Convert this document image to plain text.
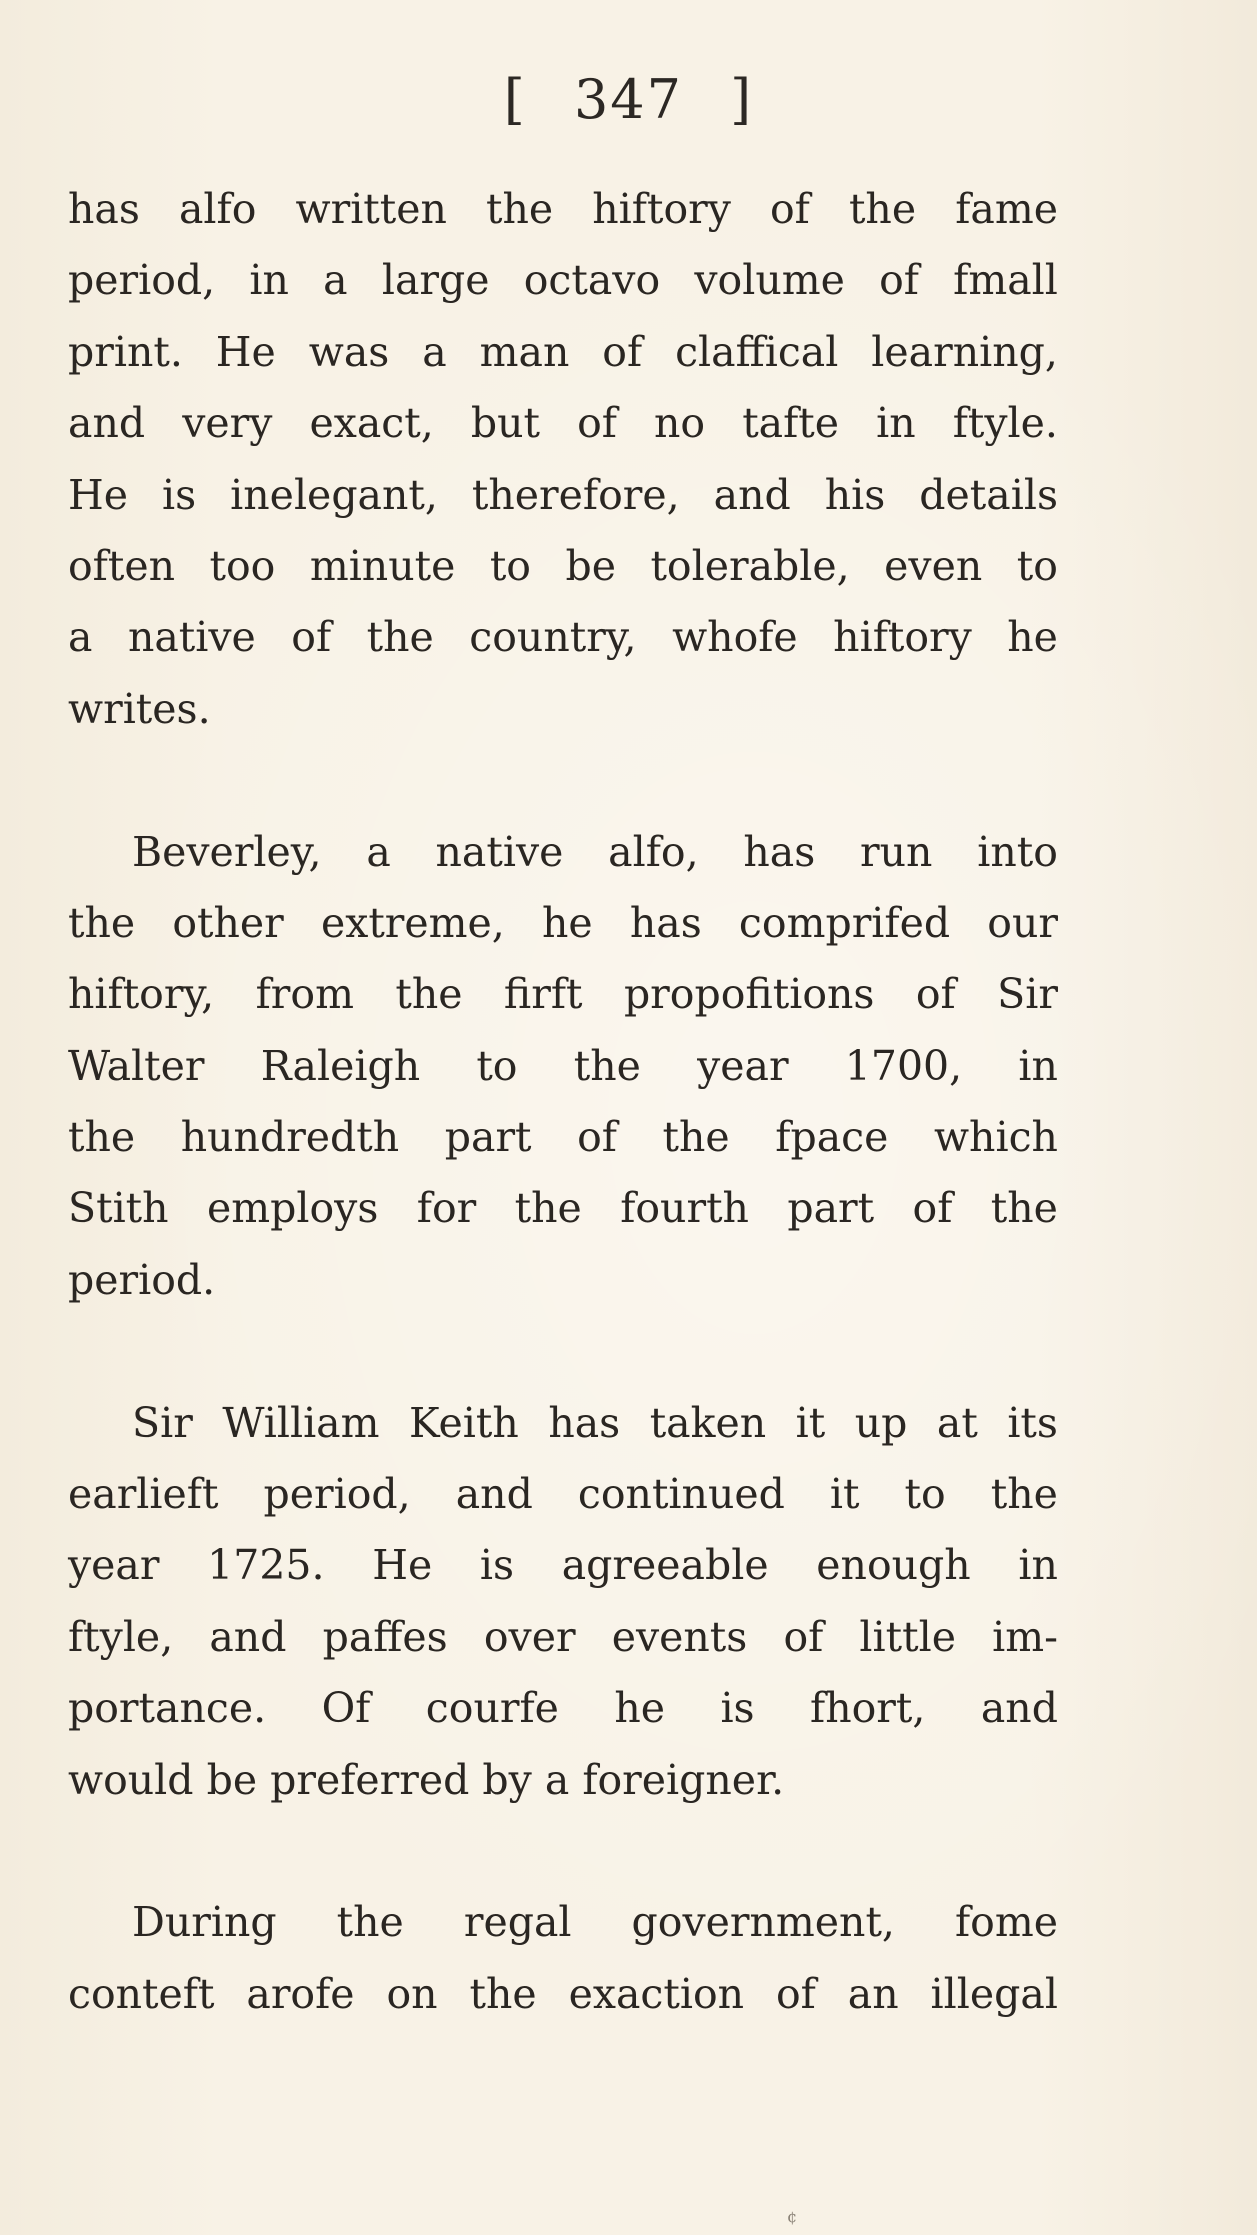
[ 347 ]
has alfo written the hiftory of the fame
period, in a large octavo volume of fmall
print. He was a man of claffical learning,
and very exact, but of no tafte in ftyle.
He is inelegant, therefore, and his details
often too minute to be tolerable, even to
a native of the country, whofe hiftory he
writes.
Beverley, a native alfo, has run into
the other extreme, he has comprifed our
hiftory, from the firft propofitions of Sir
Walter Raleigh to the year 1700, in
the hundredth part of the fpace which
Stith employs for the fourth part of the
period.
Sir William Keith has taken it up at its
earlieft period, and continued it to the
year 1725. He is agreeable enough in
ftyle, and paffes over events of little im-
portance. Of courfe he is fhort, and
would be preferred by a foreigner.
During the regal government, fome
conteft arofe on the exaction of an illegal
¢
